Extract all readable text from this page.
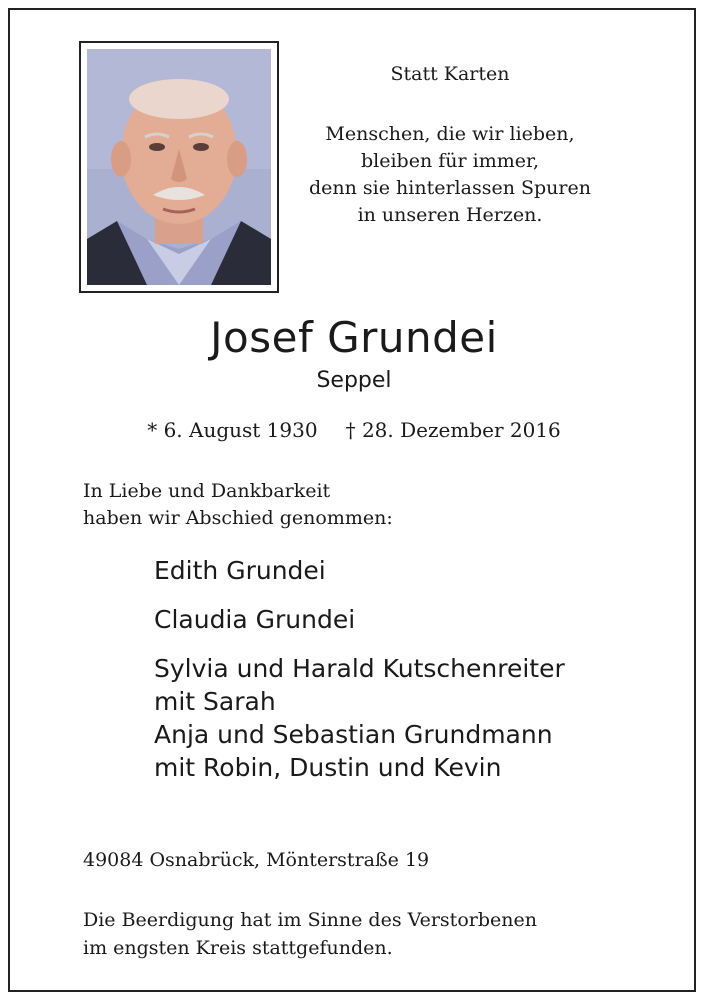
Statt Karten
Menschen, die wir lieben,
bleiben für immer,
denn sie hinterlassen Spuren
in unseren Herzen.
Josef Grundei
Seppel
* 6. August 1930 † 28. Dezember 2016
In Liebe und Dankbarkeit
haben wir Abschied genommen:
Edith Grundei
Claudia Grundei
Sylvia und Harald Kutschenreiter
mit Sarah
Anja und Sebastian Grundmann
mit Robin, Dustin und Kevin
49084 Osnabrück, Mönterstraße 19
Die Beerdigung hat im Sinne des Verstorbenen
im engsten Kreis stattgefunden.
